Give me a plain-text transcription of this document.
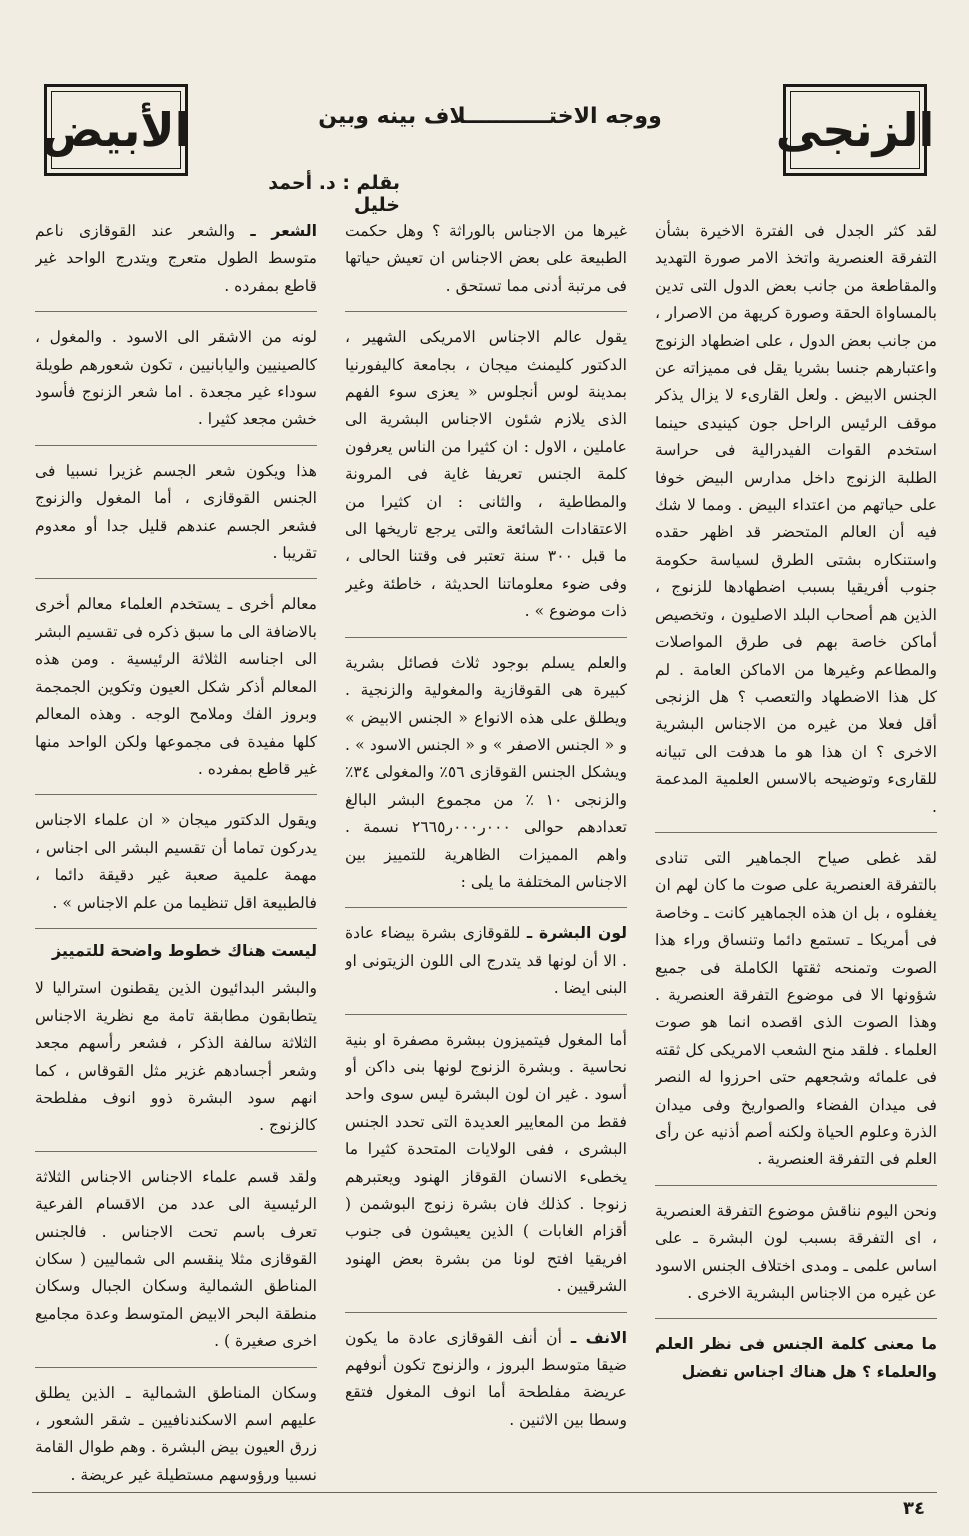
الزنجى
ووجه الاختـــــــــــلاف بينه وبين
الأبيض
بقلم : د. أحمد خليل

لقد كثر الجدل فى الفترة الاخيرة بشأن التفرقة العنصرية واتخذ الامر صورة التهديد والمقاطعة من جانب بعض الدول التى تدين بالمساواة الحقة وصورة كريهة من الاصرار ، من جانب بعض الدول ، على اضطهاد الزنوج واعتبارهم جنسا بشريا يقل فى مميزاته عن الجنس الابيض . ولعل القارىء لا يزال يذكر موقف الرئيس الراحل جون كينيدى حينما استخدم القوات الفيدرالية فى حراسة الطلبة الزنوج داخل مدارس البيض خوفا على حياتهم من اعتداء البيض . ومما لا شك فيه أن العالم المتحضر قد اظهر حقده واستنكاره بشتى الطرق لسياسة حكومة جنوب أفريقيا بسبب اضطهادها للزنوج ، الذين هم أصحاب البلد الاصليون ، وتخصيص أماكن خاصة بهم فى طرق المواصلات والمطاعم وغيرها من الاماكن العامة . لم كل هذا الاضطهاد والتعصب ؟ هل الزنجى أقل فعلا من غيره من الاجناس البشرية الاخرى ؟ ان هذا هو ما هدفت الى تبيانه للقارىء وتوضيحه بالاسس العلمية المدعمة .

لقد غطى صياح الجماهير التى تنادى بالتفرقة العنصرية على صوت ما كان لهم ان يغفلوه ، بل ان هذه الجماهير كانت ـ وخاصة فى أمريكا ـ تستمع دائما وتنساق وراء هذا الصوت وتمنحه ثقتها الكاملة فى جميع شؤونها الا فى موضوع التفرقة العنصرية . وهذا الصوت الذى اقصده انما هو صوت العلماء . فلقد منح الشعب الامريكى كل ثقته فى علمائه وشجعهم حتى احرزوا له النصر فى ميدان الفضاء والصواريخ وفى ميدان الذرة وعلوم الحياة ولكنه أصم أذنيه عن رأى العلم فى التفرقة العنصرية .

ونحن اليوم نناقش موضوع التفرقة العنصرية ، اى التفرقة بسبب لون البشرة ـ على اساس علمى ـ ومدى اختلاف الجنس الاسود عن غيره من الاجناس البشرية الاخرى .

ما معنى كلمة الجنس فى نظر العلم والعلماء ؟ هل هناك اجناس تفضل

غيرها من الاجناس بالوراثة ؟ وهل حكمت الطبيعة على بعض الاجناس ان تعيش حياتها فى مرتبة أدنى مما تستحق .

يقول عالم الاجناس الامريكى الشهير ، الدكتور كليمنث ميجان ، بجامعة كاليفورنيا بمدينة لوس أنجلوس « يعزى سوء الفهم الذى يلازم شئون الاجناس البشرية الى عاملين ، الاول : ان كثيرا من الناس يعرفون كلمة الجنس تعريفا غاية فى المرونة والمطاطية ، والثانى : ان كثيرا من الاعتقادات الشائعة والتى يرجع تاريخها الى ما قبل ٣٠٠ سنة تعتبر فى وقتنا الحالى ، وفى ضوء معلوماتنا الحديثة ، خاطئة وغير ذات موضوع » .

والعلم يسلم بوجود ثلاث فصائل بشرية كبيرة هى القوقازية والمغولية والزنجية . ويطلق على هذه الانواع « الجنس الابيض » و « الجنس الاصفر » و « الجنس الاسود » . ويشكل الجنس القوقازى ٥٦٪ والمغولى ٣٤٪ والزنجى ١٠ ٪ من مجموع البشر البالغ تعدادهم حوالى ٠٠٠ر٠٠٠ر٢٦٦٥ نسمة . واهم المميزات الظاهرية للتمييز بين الاجناس المختلفة ما يلى :

لون البشرة ـ للقوقازى بشرة بيضاء عادة . الا أن لونها قد يتدرج الى اللون الزيتونى او البنى ايضا .

أما المغول فيتميزون ببشرة مصفرة او بنية نحاسية . وبشرة الزنوج لونها بنى داكن أو أسود . غير ان لون البشرة ليس سوى واحد فقط من المعايير العديدة التى تحدد الجنس البشرى ، ففى الولايات المتحدة كثيرا ما يخطىء الانسان القوقاز الهنود ويعتبرهم زنوجا . كذلك فان بشرة زنوج البوشمن ( أقزام الغابات ) الذين يعيشون فى جنوب افريقيا افتح لونا من بشرة بعض الهنود الشرقيين .

الانف ـ أن أنف القوقازى عادة ما يكون ضيقا متوسط البروز ، والزنوج تكون أنوفهم عريضة مفلطحة أما انوف المغول فتقع وسطا بين الاثنين .

الشعر ـ والشعر عند القوقازى ناعم متوسط الطول متعرج ويتدرج الواحد غير قاطع بمفرده .

لونه من الاشقر الى الاسود . والمغول ، كالصينيين واليابانيين ، تكون شعورهم طويلة سوداء غير مجعدة . اما شعر الزنوج فأسود خشن مجعد كثيرا .

هذا ويكون شعر الجسم غزيرا نسبيا فى الجنس القوقازى ، أما المغول والزنوج فشعر الجسم عندهم قليل جدا أو معدوم تقريبا .

معالم أخرى ـ يستخدم العلماء معالم أخرى بالاضافة الى ما سبق ذكره فى تقسيم البشر الى اجناسه الثلاثة الرئيسية . ومن هذه المعالم أذكر شكل العيون وتكوين الجمجمة وبروز الفك وملامح الوجه . وهذه المعالم كلها مفيدة فى مجموعها ولكن الواحد منها غير قاطع بمفرده .

ويقول الدكتور ميجان « ان علماء الاجناس يدركون تماما أن تقسيم البشر الى اجناس ، مهمة علمية صعبة غير دقيقة دائما ، فالطبيعة اقل تنظيما من علم الاجناس » .

ليست هناك خطوط واضحة للتمييز

والبشر البدائيون الذين يقطنون استراليا لا يتطابقون مطابقة تامة مع نظرية الاجناس الثلاثة سالفة الذكر ، فشعر رأسهم مجعد وشعر أجسادهم غزير مثل القوقاس ، كما انهم سود البشرة ذوو انوف مفلطحة كالزنوج .

ولقد قسم علماء الاجناس الاجناس الثلاثة الرئيسية الى عدد من الاقسام الفرعية تعرف باسم تحت الاجناس . فالجنس القوقازى مثلا ينقسم الى شماليين ( سكان المناطق الشمالية وسكان الجبال وسكان منطقة البحر الابيض المتوسط وعدة مجاميع اخرى صغيرة ) .

وسكان المناطق الشمالية ـ الذين يطلق عليهم اسم الاسكندنافيين ـ شقر الشعور ، زرق العيون بيض البشرة . وهم طوال القامة نسبيا ورؤوسهم مستطيلة غير عريضة .

٣٤
